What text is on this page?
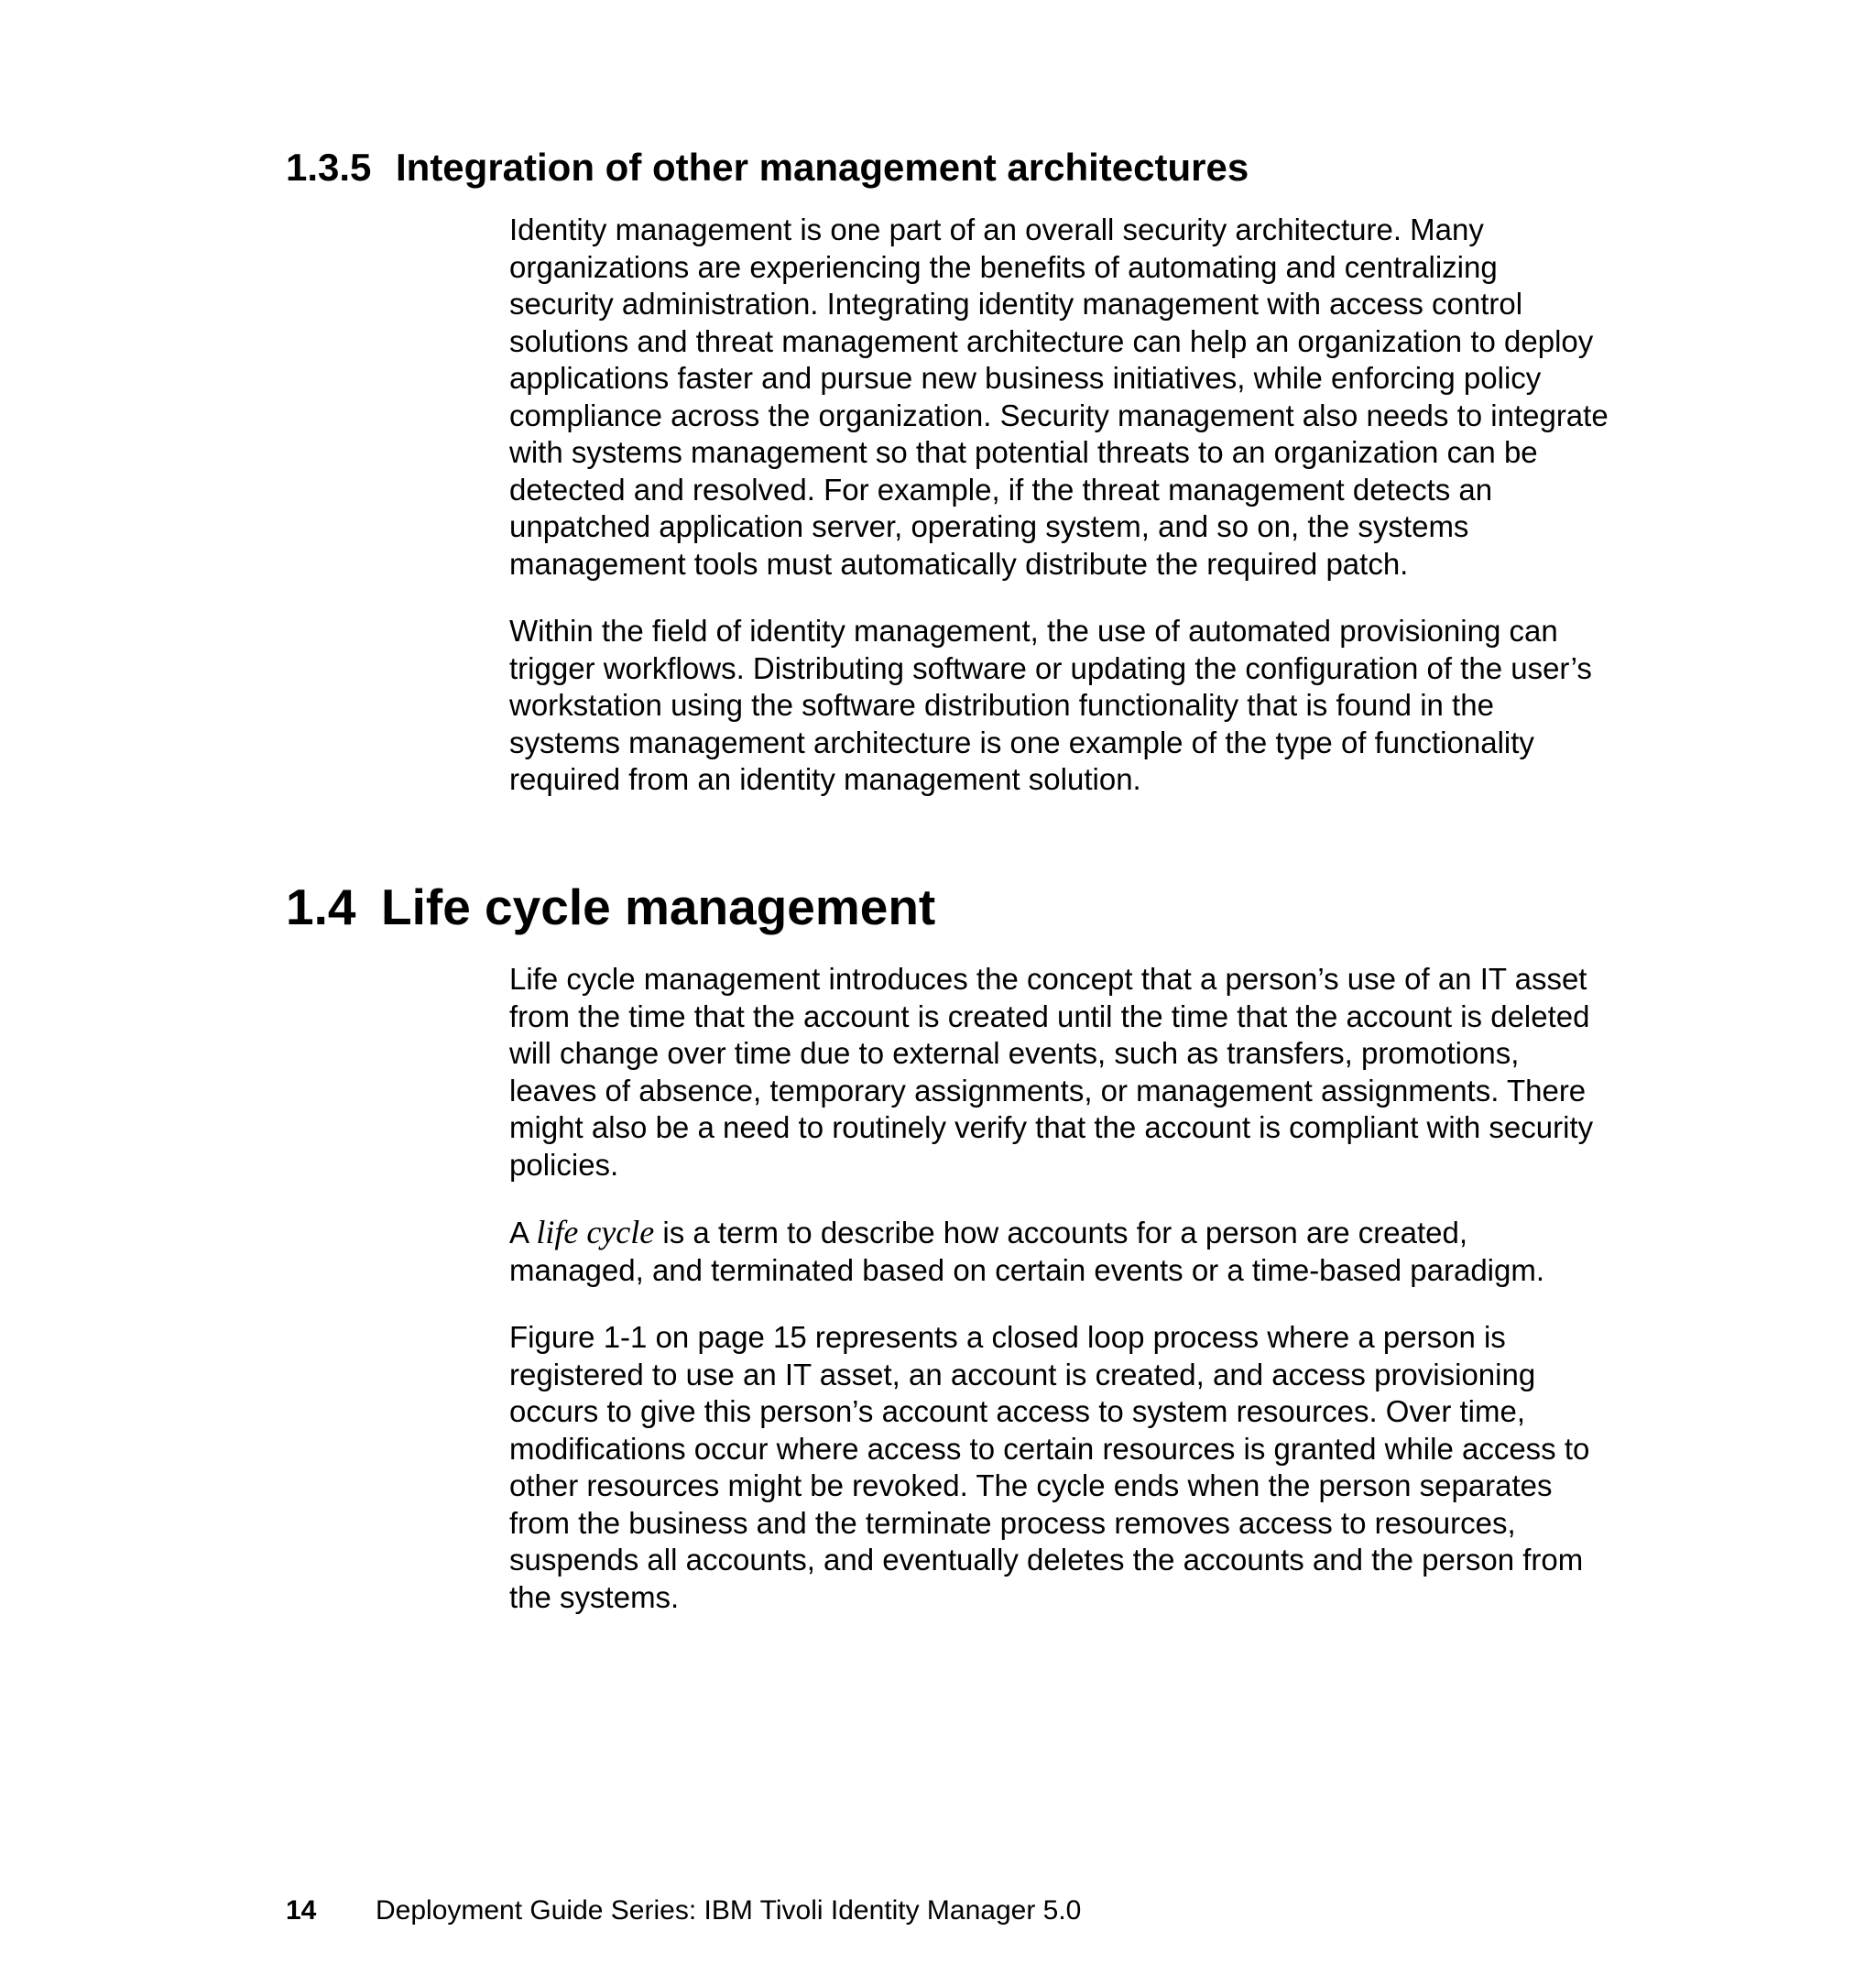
1.3.5 Integration of other management architectures

Identity management is one part of an overall security architecture. Many organizations are experiencing the benefits of automating and centralizing security administration. Integrating identity management with access control solutions and threat management architecture can help an organization to deploy applications faster and pursue new business initiatives, while enforcing policy compliance across the organization. Security management also needs to integrate with systems management so that potential threats to an organization can be detected and resolved. For example, if the threat management detects an unpatched application server, operating system, and so on, the systems management tools must automatically distribute the required patch.

Within the field of identity management, the use of automated provisioning can trigger workflows. Distributing software or updating the configuration of the user’s workstation using the software distribution functionality that is found in the systems management architecture is one example of the type of functionality required from an identity management solution.

1.4 Life cycle management

Life cycle management introduces the concept that a person’s use of an IT asset from the time that the account is created until the time that the account is deleted will change over time due to external events, such as transfers, promotions, leaves of absence, temporary assignments, or management assignments. There might also be a need to routinely verify that the account is compliant with security policies.

A life cycle is a term to describe how accounts for a person are created, managed, and terminated based on certain events or a time-based paradigm.

Figure 1-1 on page 15 represents a closed loop process where a person is registered to use an IT asset, an account is created, and access provisioning occurs to give this person’s account access to system resources. Over time, modifications occur where access to certain resources is granted while access to other resources might be revoked. The cycle ends when the person separates from the business and the terminate process removes access to resources, suspends all accounts, and eventually deletes the accounts and the person from the systems.

14 Deployment Guide Series: IBM Tivoli Identity Manager 5.0
